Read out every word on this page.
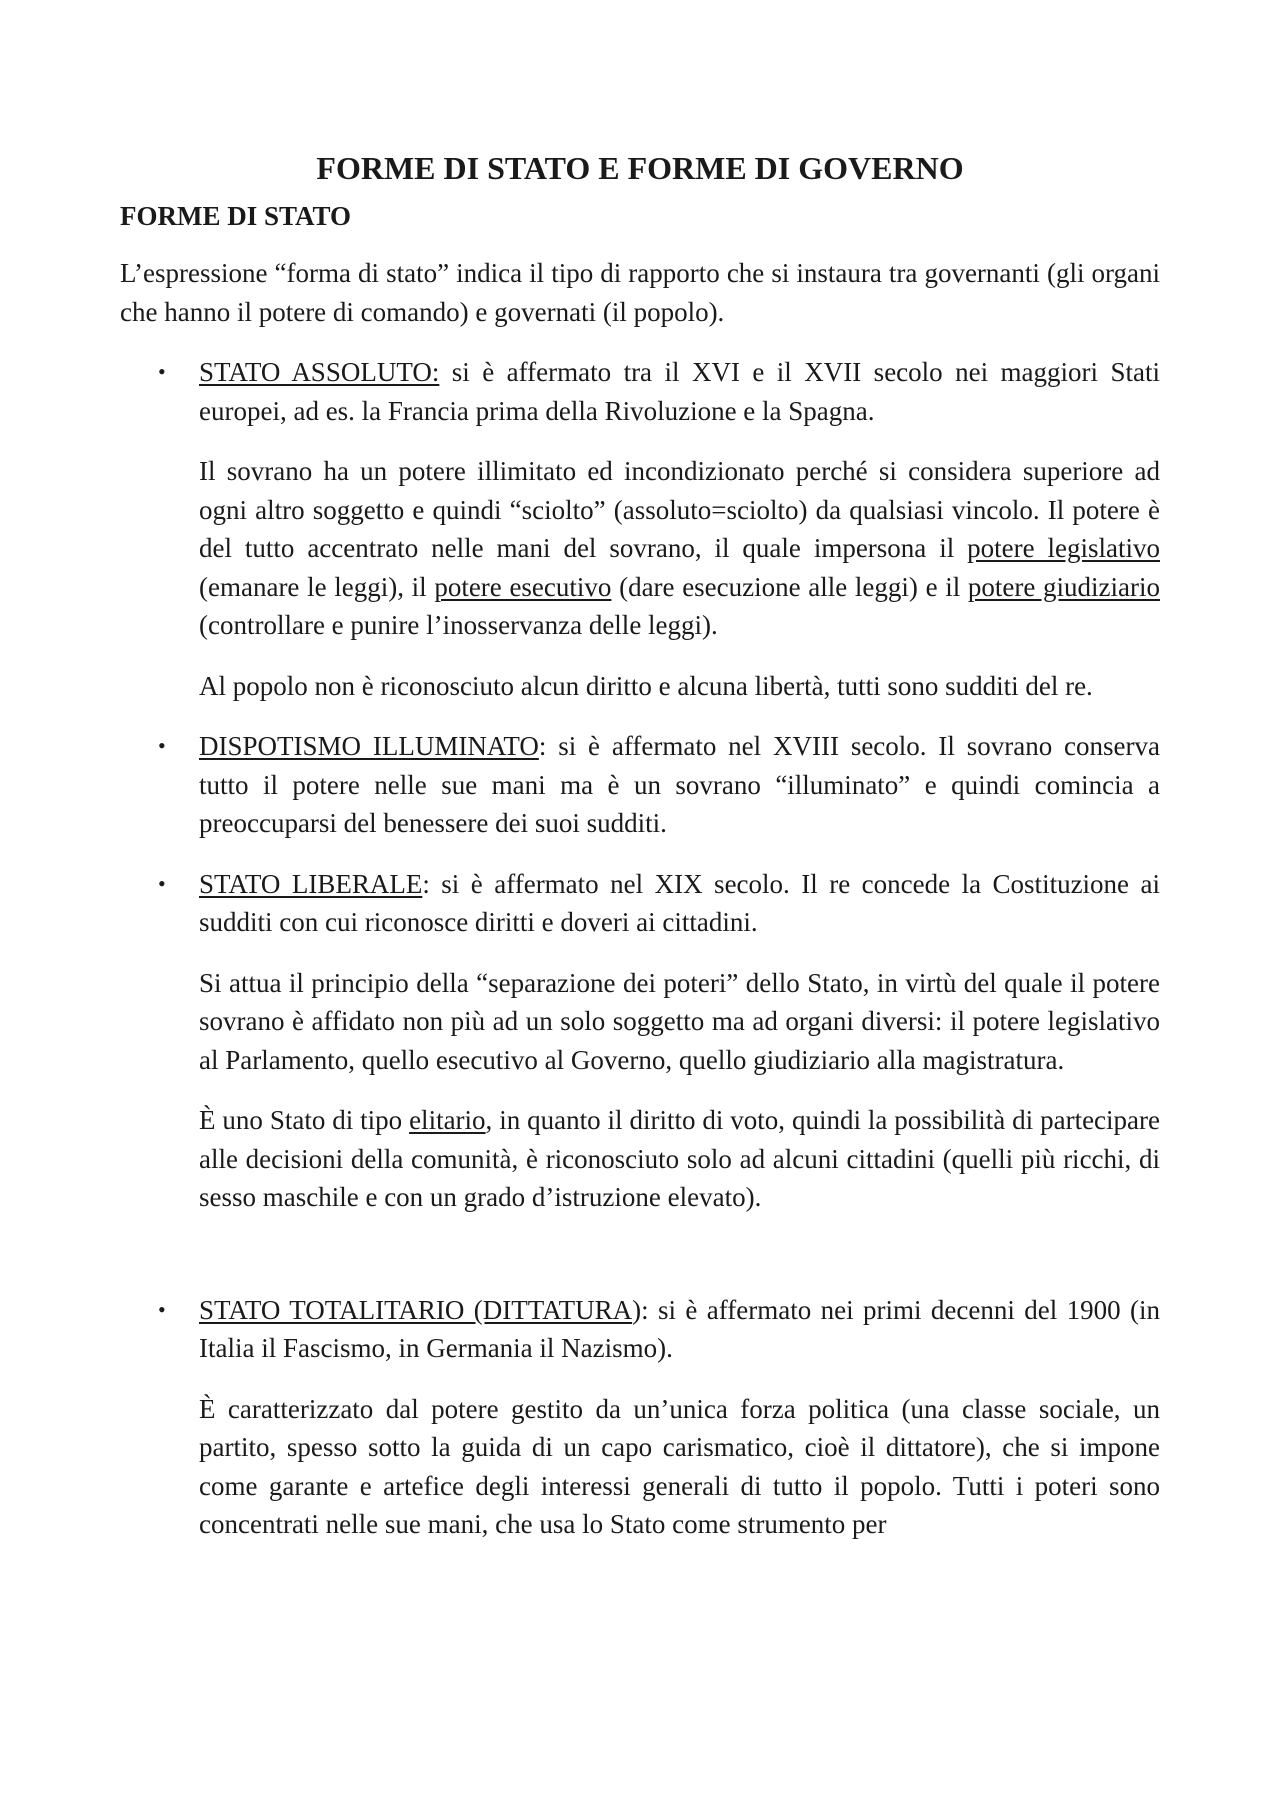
FORME DI STATO E FORME DI GOVERNO
FORME DI STATO

L’espressione “forma di stato” indica il tipo di rapporto che si instaura tra governanti (gli organi che hanno il potere di comando) e governati (il popolo).

• STATO ASSOLUTO: si è affermato tra il XVI e il XVII secolo nei maggiori Stati europei, ad es. la Francia prima della Rivoluzione e la Spagna.

Il sovrano ha un potere illimitato ed incondizionato perché si considera superiore ad ogni altro soggetto e quindi “sciolto” (assoluto=sciolto) da qualsiasi vincolo. Il potere è del tutto accentrato nelle mani del sovrano, il quale impersona il potere legislativo (emanare le leggi), il potere esecutivo (dare esecuzione alle leggi) e il potere giudiziario (controllare e punire l’inosservanza delle leggi).

Al popolo non è riconosciuto alcun diritto e alcuna libertà, tutti sono sudditi del re.

• DISPOTISMO ILLUMINATO: si è affermato nel XVIII secolo. Il sovrano conserva tutto il potere nelle sue mani ma è un sovrano “illuminato” e quindi comincia a preoccuparsi del benessere dei suoi sudditi.

• STATO LIBERALE: si è affermato nel XIX secolo. Il re concede la Costituzione ai sudditi con cui riconosce diritti e doveri ai cittadini.

Si attua il principio della “separazione dei poteri” dello Stato, in virtù del quale il potere sovrano è affidato non più ad un solo soggetto ma ad organi diversi: il potere legislativo al Parlamento, quello esecutivo al Governo, quello giudiziario alla magistratura.

È uno Stato di tipo elitario, in quanto il diritto di voto, quindi la possibilità di partecipare alle decisioni della comunità, è riconosciuto solo ad alcuni cittadini (quelli più ricchi, di sesso maschile e con un grado d’istruzione elevato).

• STATO TOTALITARIO (DITTATURA): si è affermato nei primi decenni del 1900 (in Italia il Fascismo, in Germania il Nazismo).

È caratterizzato dal potere gestito da un’unica forza politica (una classe sociale, un partito, spesso sotto la guida di un capo carismatico, cioè il dittatore), che si impone come garante e artefice degli interessi generali di tutto il popolo. Tutti i poteri sono concentrati nelle sue mani, che usa lo Stato come strumento per
